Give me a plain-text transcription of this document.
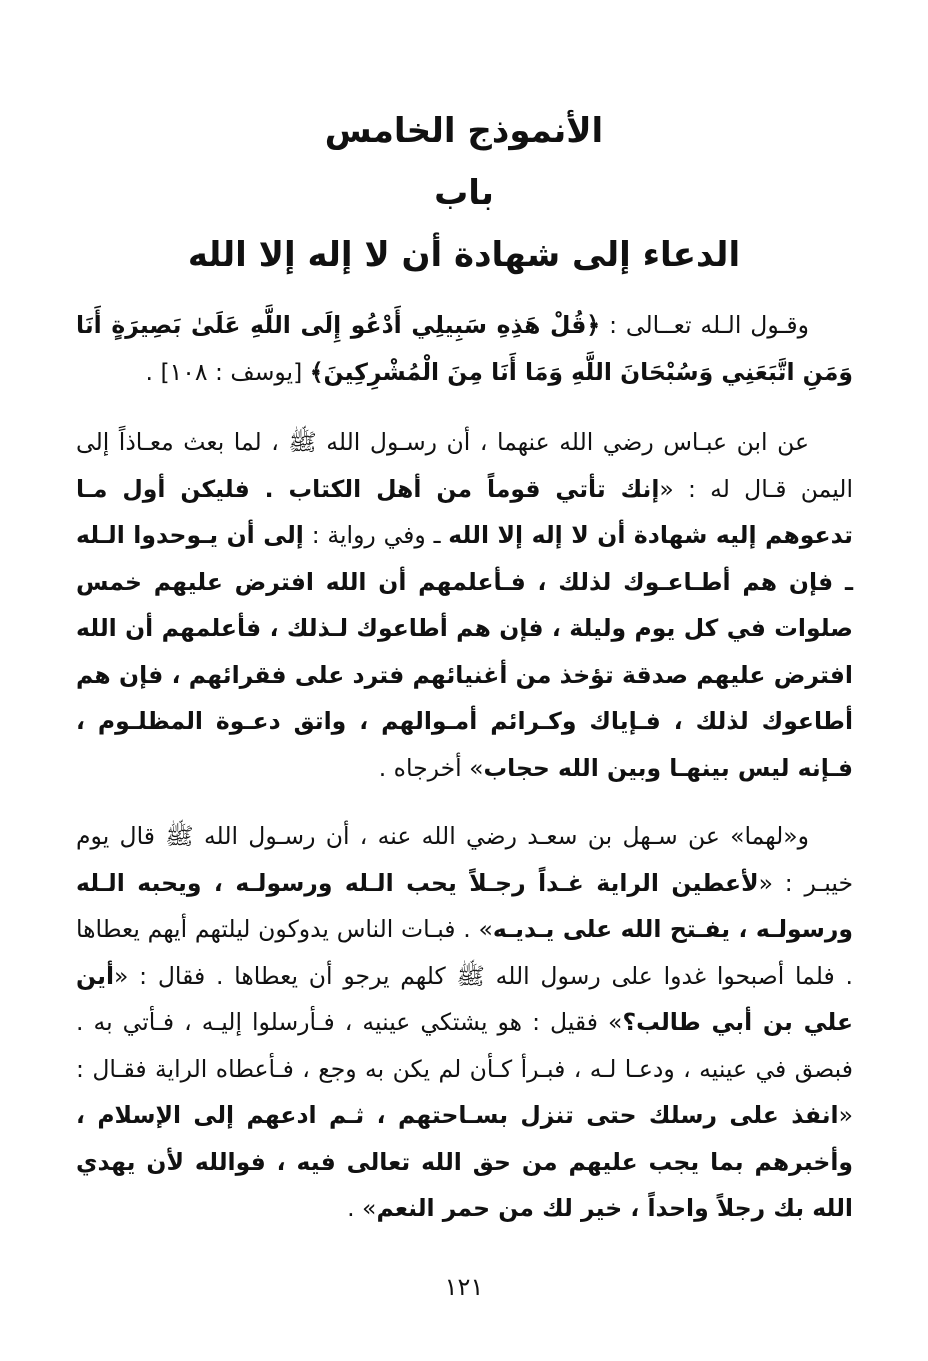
الأنموذج الخامس
باب
الدعاء إلى شهادة أن لا إله إلا الله

وقـول الـله تعــالى : ﴿قُلْ هَذِهِ سَبِيلِي أَدْعُو إِلَى اللَّهِ عَلَىٰ بَصِيرَةٍ أَنَا وَمَنِ اتَّبَعَنِي وَسُبْحَانَ اللَّهِ وَمَا أَنَا مِنَ الْمُشْرِكِينَ﴾ [يوسف : ١٠٨] .

عن ابن عبـاس رضي الله عنهما ، أن رسـول الله ﷺ ، لما بعث معـاذاً إلى اليمن قـال له : «إنك تأتي قوماً من أهل الكتاب . فليكن أول مـا تدعوهم إليه شهادة أن لا إله إلا الله ـ وفي رواية : إلى أن يـوحدوا الـله ـ فإن هم أطـاعـوك لذلك ، فـأعلمهم أن الله افترض عليهم خمس صلوات في كل يوم وليلة ، فإن هم أطاعوك لـذلك ، فأعلمهم أن الله افترض عليهم صدقة تؤخذ من أغنيائهم فترد على فقرائهم ، فإن هم أطاعوك لذلك ، فـإياك وكـرائم أمـوالهم ، واتق دعـوة المظلـوم ، فـإنه ليس بينهـا وبين الله حجاب» أخرجاه .

و«لهما» عن سـهل بن سعـد رضي الله عنه ، أن رسـول الله ﷺ قال يوم خيبـر : «لأعطين الراية غـداً رجـلاً يحب الـله ورسولـه ، ويحبه الـله ورسولـه ، يفـتح الله على يـديـه» . فبـات الناس يدوكون ليلتهم أيهم يعطاها . فلما أصبحوا غدوا على رسول الله ﷺ كلهم يرجو أن يعطاها . فقال : «أين علي بن أبي طالب؟» فقيل : هو يشتكي عينيه ، فـأرسلوا إليـه ، فـأتي به . فبصق في عينيه ، ودعـا لـه ، فبـرأ كـأن لم يكن به وجع ، فـأعطاه الراية فقـال : «انفذ على رسلك حتى تنزل بسـاحتهم ، ثـم ادعهم إلى الإسلام ، وأخبرهم بما يجب عليهم من حق الله تعالى فيه ، فوالله لأن يهدي الله بك رجلاً واحداً ، خير لك من حمر النعم» .

١٢١
